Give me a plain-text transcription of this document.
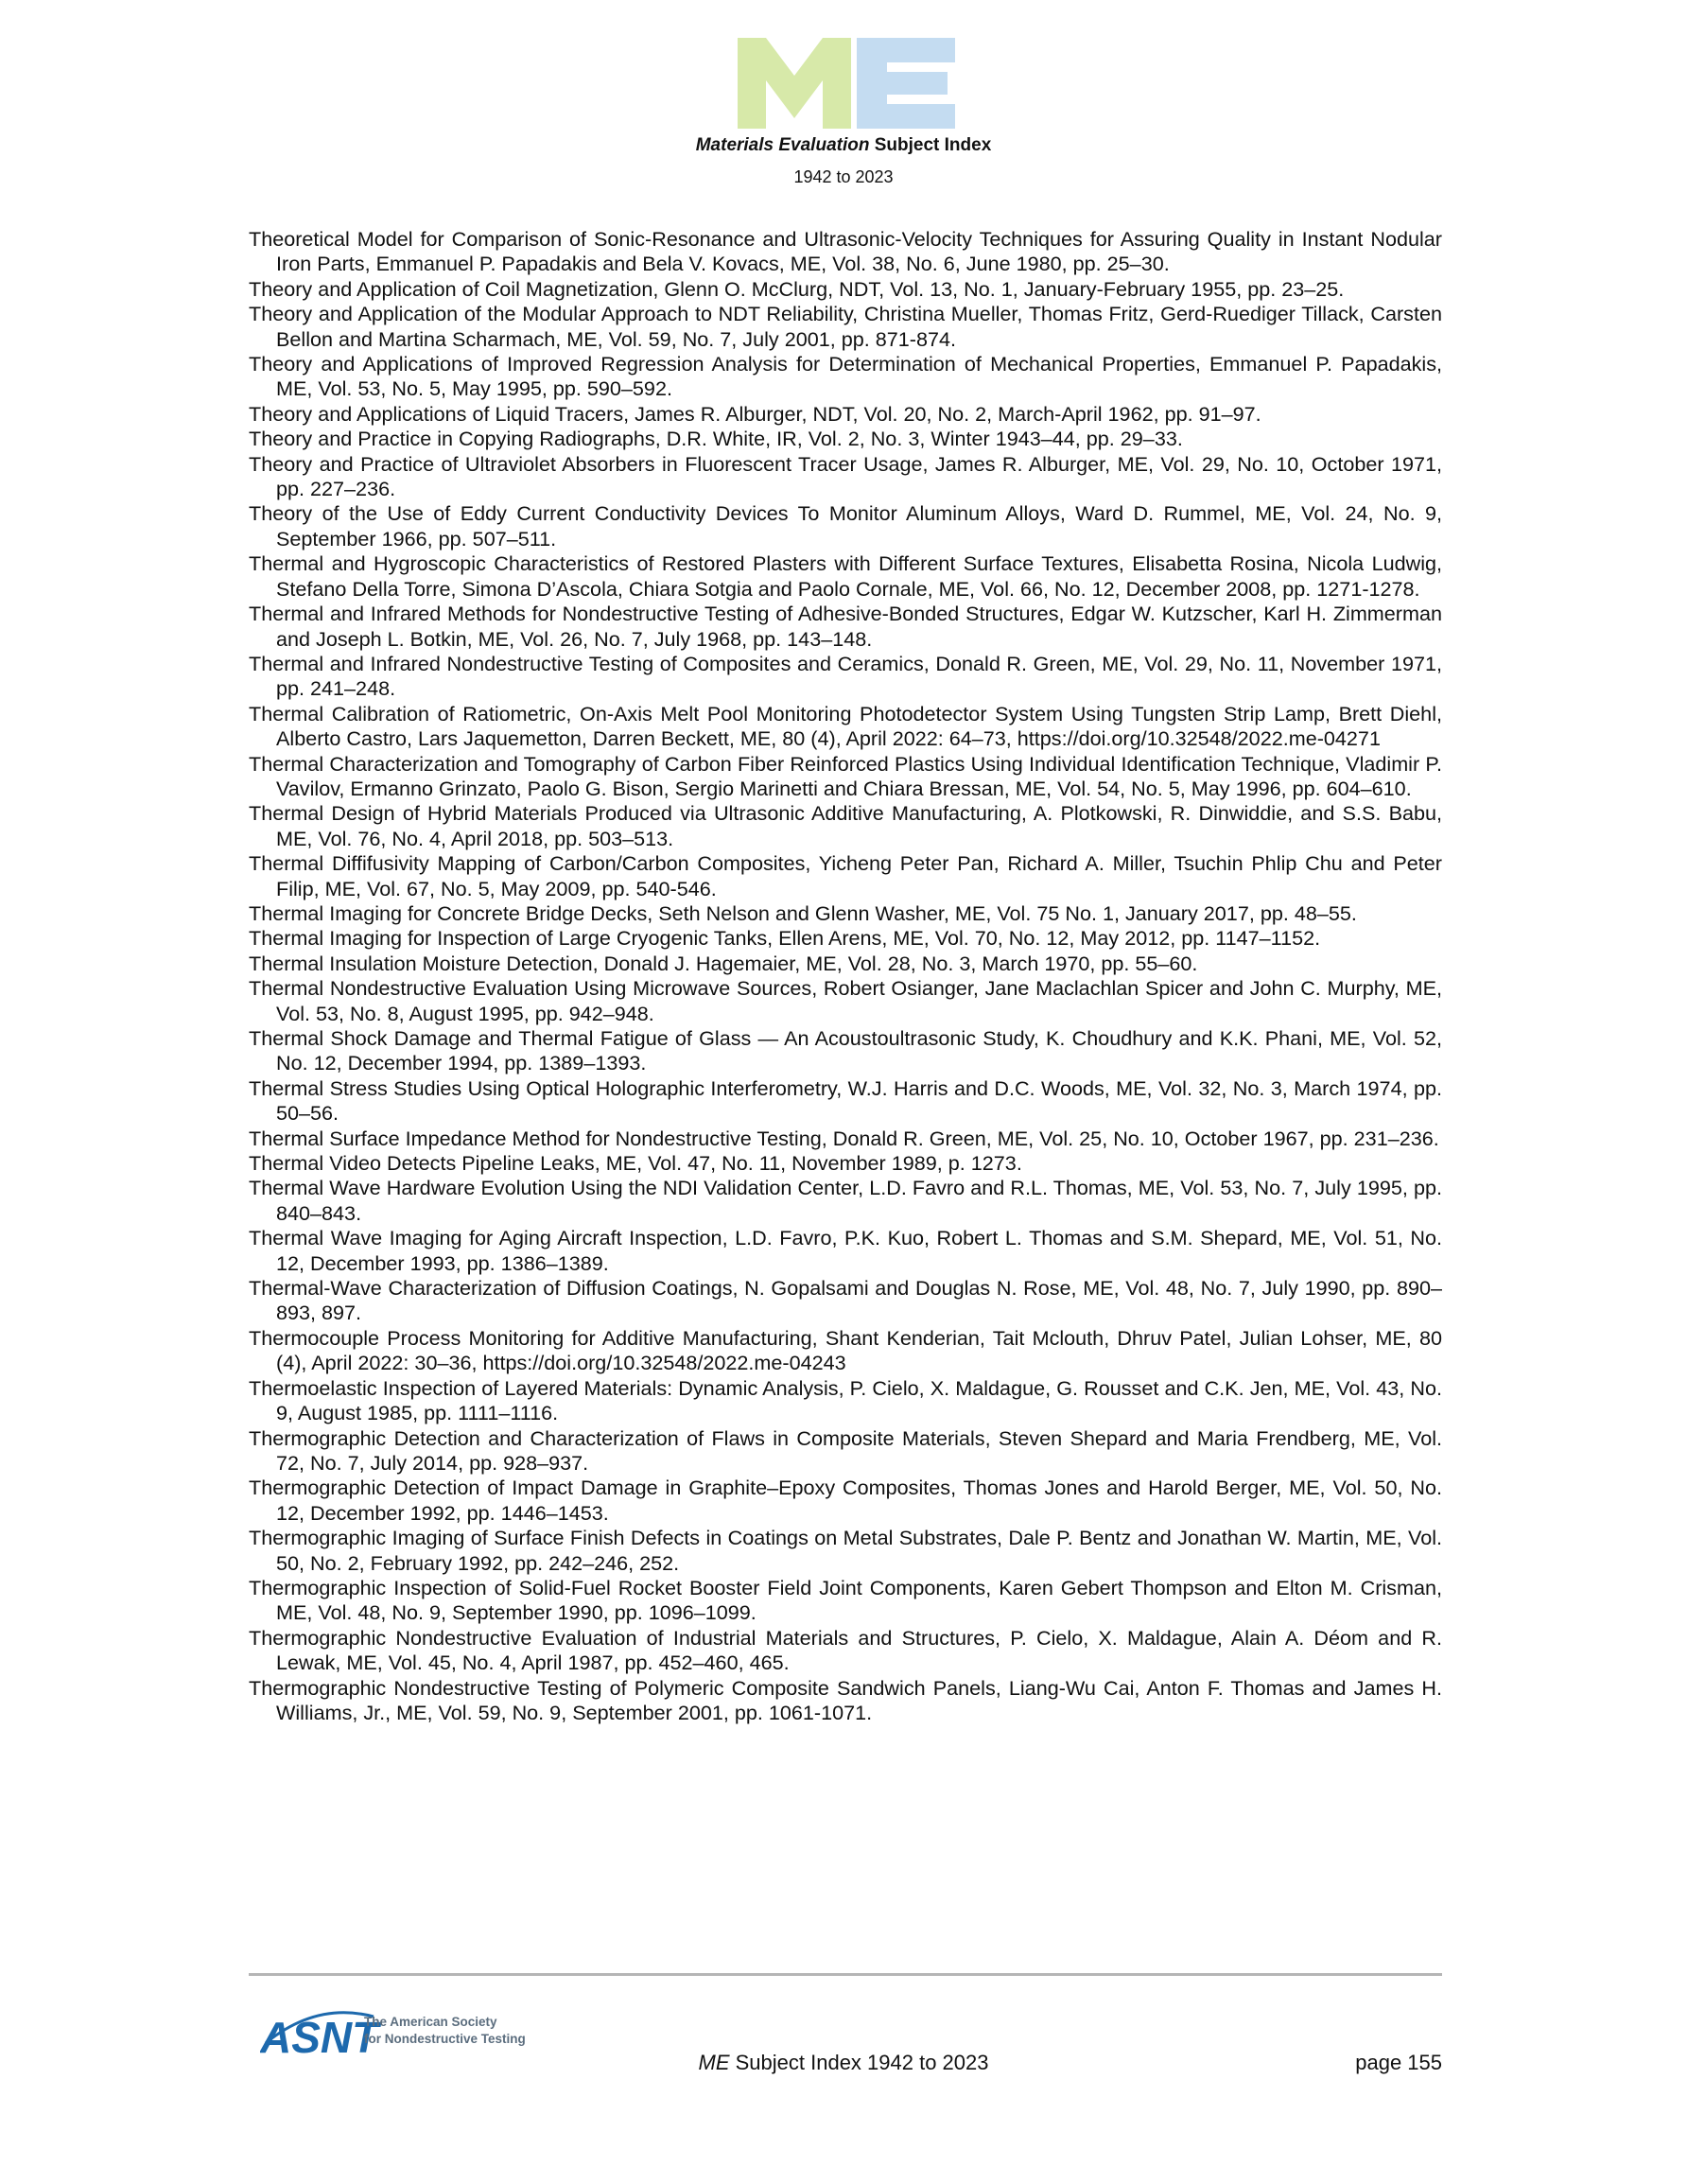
Materials Evaluation Subject Index
1942 to 2023

Theoretical Model for Comparison of Sonic-Resonance and Ultrasonic-Velocity Techniques for Assuring Quality in Instant Nodular Iron Parts, Emmanuel P. Papadakis and Bela V. Kovacs, ME, Vol. 38, No. 6, June 1980, pp. 25–30.

Theory and Application of Coil Magnetization, Glenn O. McClurg, NDT, Vol. 13, No. 1, January-February 1955, pp. 23–25.

Theory and Application of the Modular Approach to NDT Reliability, Christina Mueller, Thomas Fritz, Gerd-Ruediger Tillack, Carsten Bellon and Martina Scharmach, ME, Vol. 59, No. 7, July 2001, pp. 871-874.

Theory and Applications of Improved Regression Analysis for Determination of Mechanical Properties, Emmanuel P. Papadakis, ME, Vol. 53, No. 5, May 1995, pp. 590–592.

Theory and Applications of Liquid Tracers, James R. Alburger, NDT, Vol. 20, No. 2, March-April 1962, pp. 91–97.

Theory and Practice in Copying Radiographs, D.R. White, IR, Vol. 2, No. 3, Winter 1943–44, pp. 29–33.

Theory and Practice of Ultraviolet Absorbers in Fluorescent Tracer Usage, James R. Alburger, ME, Vol. 29, No. 10, October 1971, pp. 227–236.

Theory of the Use of Eddy Current Conductivity Devices To Monitor Aluminum Alloys, Ward D. Rummel, ME, Vol. 24, No. 9, September 1966, pp. 507–511.

Thermal and Hygroscopic Characteristics of Restored Plasters with Different Surface Textures, Elisabetta Rosina, Nicola Ludwig, Stefano Della Torre, Simona D’Ascola, Chiara Sotgia and Paolo Cornale, ME, Vol. 66, No. 12, December 2008, pp. 1271-1278.

Thermal and Infrared Methods for Nondestructive Testing of Adhesive-Bonded Structures, Edgar W. Kutzscher, Karl H. Zimmerman and Joseph L. Botkin, ME, Vol. 26, No. 7, July 1968, pp. 143–148.

Thermal and Infrared Nondestructive Testing of Composites and Ceramics, Donald R. Green, ME, Vol. 29, No. 11, November 1971, pp. 241–248.

Thermal Calibration of Ratiometric, On-Axis Melt Pool Monitoring Photodetector System Using Tungsten Strip Lamp, Brett Diehl, Alberto Castro, Lars Jaquemetton, Darren Beckett, ME, 80 (4), April 2022: 64–73, https://doi.org/10.32548/2022.me-04271

Thermal Characterization and Tomography of Carbon Fiber Reinforced Plastics Using Individual Identification Technique, Vladimir P. Vavilov, Ermanno Grinzato, Paolo G. Bison, Sergio Marinetti and Chiara Bressan, ME, Vol. 54, No. 5, May 1996, pp. 604–610.

Thermal Design of Hybrid Materials Produced via Ultrasonic Additive Manufacturing, A. Plotkowski, R. Dinwiddie, and S.S. Babu, ME, Vol. 76, No. 4, April 2018, pp. 503–513.

Thermal Diffifusivity Mapping of Carbon/Carbon Composites, Yicheng Peter Pan, Richard A. Miller, Tsuchin Phlip Chu and Peter Filip, ME, Vol. 67, No. 5, May 2009, pp. 540-546.

Thermal Imaging for Concrete Bridge Decks, Seth Nelson and Glenn Washer, ME, Vol. 75 No. 1, January 2017, pp. 48–55.

Thermal Imaging for Inspection of Large Cryogenic Tanks, Ellen Arens, ME, Vol. 70, No. 12, May 2012, pp. 1147–1152.

Thermal Insulation Moisture Detection, Donald J. Hagemaier, ME, Vol. 28, No. 3, March 1970, pp. 55–60.

Thermal Nondestructive Evaluation Using Microwave Sources, Robert Osianger, Jane Maclachlan Spicer and John C. Murphy, ME, Vol. 53, No. 8, August 1995, pp. 942–948.

Thermal Shock Damage and Thermal Fatigue of Glass — An Acoustoultrasonic Study, K. Choudhury and K.K. Phani, ME, Vol. 52, No. 12, December 1994, pp. 1389–1393.

Thermal Stress Studies Using Optical Holographic Interferometry, W.J. Harris and D.C. Woods, ME, Vol. 32, No. 3, March 1974, pp. 50–56.

Thermal Surface Impedance Method for Nondestructive Testing, Donald R. Green, ME, Vol. 25, No. 10, October 1967, pp. 231–236.

Thermal Video Detects Pipeline Leaks, ME, Vol. 47, No. 11, November 1989, p. 1273.

Thermal Wave Hardware Evolution Using the NDI Validation Center, L.D. Favro and R.L. Thomas, ME, Vol. 53, No. 7, July 1995, pp. 840–843.

Thermal Wave Imaging for Aging Aircraft Inspection, L.D. Favro, P.K. Kuo, Robert L. Thomas and S.M. Shepard, ME, Vol. 51, No. 12, December 1993, pp. 1386–1389.

Thermal-Wave Characterization of Diffusion Coatings, N. Gopalsami and Douglas N. Rose, ME, Vol. 48, No. 7, July 1990, pp. 890–893, 897.

Thermocouple Process Monitoring for Additive Manufacturing, Shant Kenderian, Tait Mclouth, Dhruv Patel, Julian Lohser, ME, 80 (4), April 2022: 30–36, https://doi.org/10.32548/2022.me-04243

Thermoelastic Inspection of Layered Materials: Dynamic Analysis, P. Cielo, X. Maldague, G. Rousset and C.K. Jen, ME, Vol. 43, No. 9, August 1985, pp. 1111–1116.

Thermographic Detection and Characterization of Flaws in Composite Materials, Steven Shepard and Maria Frendberg, ME, Vol. 72, No. 7, July 2014, pp. 928–937.

Thermographic Detection of Impact Damage in Graphite–Epoxy Composites, Thomas Jones and Harold Berger, ME, Vol. 50, No. 12, December 1992, pp. 1446–1453.

Thermographic Imaging of Surface Finish Defects in Coatings on Metal Substrates, Dale P. Bentz and Jonathan W. Martin, ME, Vol. 50, No. 2, February 1992, pp. 242–246, 252.

Thermographic Inspection of Solid-Fuel Rocket Booster Field Joint Components, Karen Gebert Thompson and Elton M. Crisman, ME, Vol. 48, No. 9, September 1990, pp. 1096–1099.

Thermographic Nondestructive Evaluation of Industrial Materials and Structures, P. Cielo, X. Maldague, Alain A. Déom and R. Lewak, ME, Vol. 45, No. 4, April 1987, pp. 452–460, 465.

Thermographic Nondestructive Testing of Polymeric Composite Sandwich Panels, Liang-Wu Cai, Anton F. Thomas and James H. Williams, Jr., ME, Vol. 59, No. 9, September 2001, pp. 1061-1071.

ASNT
The American Society
for Nondestructive Testing
ME Subject Index 1942 to 2023	page 155
